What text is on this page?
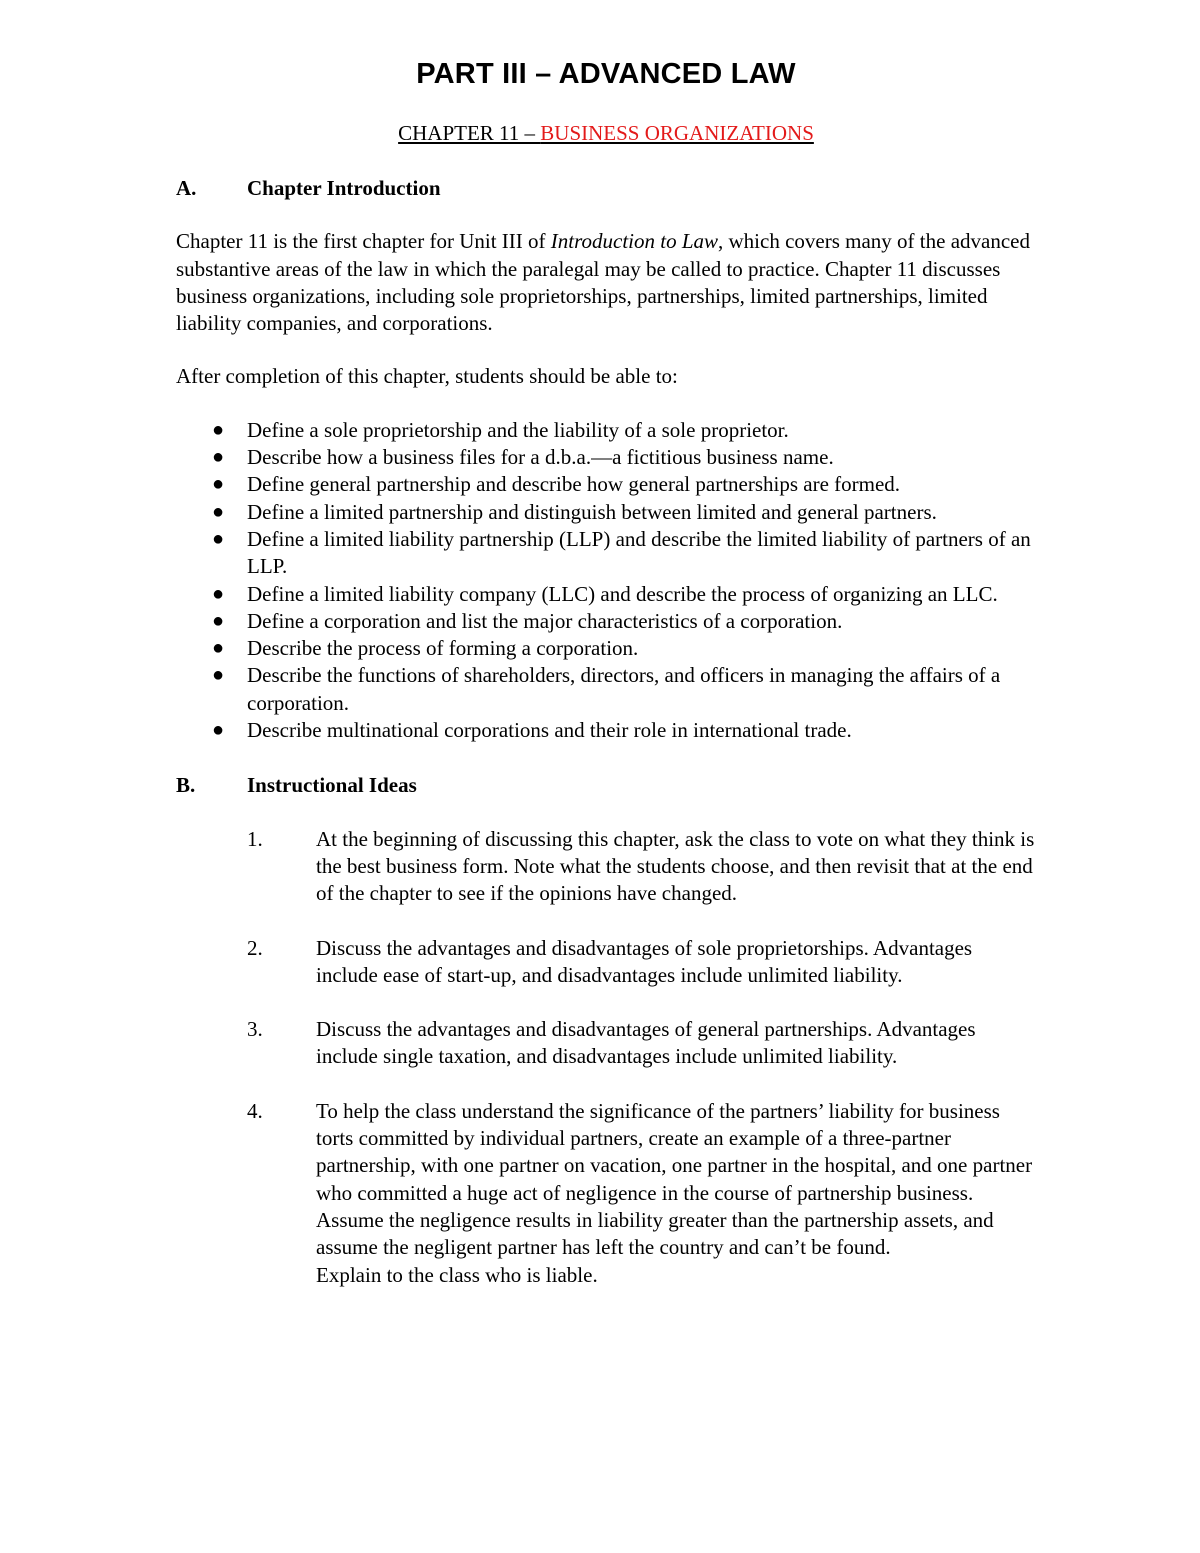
PART III – ADVANCED LAW
CHAPTER 11 – BUSINESS ORGANIZATIONS
A.	Chapter Introduction

Chapter 11 is the first chapter for Unit III of Introduction to Law, which covers many of the advanced substantive areas of the law in which the paralegal may be called to practice. Chapter 11 discusses business organizations, including sole proprietorships, partnerships, limited partnerships, limited liability companies, and corporations.

After completion of this chapter, students should be able to:

● Define a sole proprietorship and the liability of a sole proprietor.
● Describe how a business files for a d.b.a.—a fictitious business name.
● Define general partnership and describe how general partnerships are formed.
● Define a limited partnership and distinguish between limited and general partners.
● Define a limited liability partnership (LLP) and describe the limited liability of partners of an LLP.
● Define a limited liability company (LLC) and describe the process of organizing an LLC.
● Define a corporation and list the major characteristics of a corporation.
● Describe the process of forming a corporation.
● Describe the functions of shareholders, directors, and officers in managing the affairs of a corporation.
● Describe multinational corporations and their role in international trade.
B.	Instructional Ideas
1.	At the beginning of discussing this chapter, ask the class to vote on what they think is the best business form. Note what the students choose, and then revisit that at the end of the chapter to see if the opinions have changed.
2.	Discuss the advantages and disadvantages of sole proprietorships. Advantages include ease of start-up, and disadvantages include unlimited liability.
3.	Discuss the advantages and disadvantages of general partnerships. Advantages include single taxation, and disadvantages include unlimited liability.
4.	To help the class understand the significance of the partners’ liability for business torts committed by individual partners, create an example of a three-partner partnership, with one partner on vacation, one partner in the hospital, and one partner who committed a huge act of negligence in the course of partnership business. Assume the negligence results in liability greater than the partnership assets, and assume the negligent partner has left the country and can’t be found.
Explain to the class who is liable.
